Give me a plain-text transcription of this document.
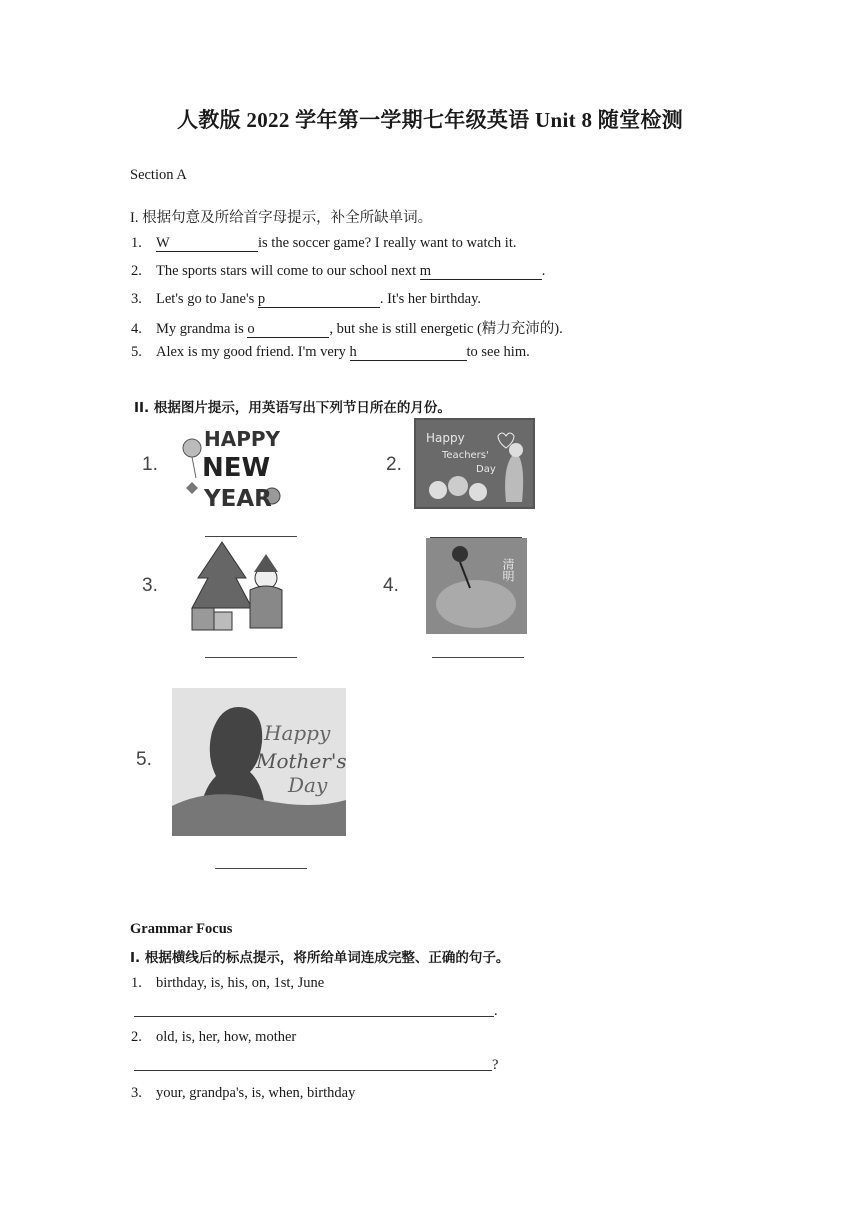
人教版 2022 学年第一学期七年级英语 Unit 8 随堂检测
Section A
I. 根据句意及所给首字母提示，补全所缺单词。
1. W	is the soccer game? I really want to watch it.
2. The sports stars will come to our school next m	.
3. Let's go to Jane's p	. It's her birthday.
4. My grandma is o	, but she is still energetic (精力充沛的).
5. Alex is my good friend. I'm very h	to see him.
II. 根据图片提示，用英语写出下列节日所在的月份。
1.	2.
3.	4.
5.
HAPPY
NEW
YEAR
Happy
Teachers'
Day
清明
Happy
Mother's
Day
Grammar Focus
I. 根据横线后的标点提示，将所给单词连成完整、正确的句子。
1. birthday, is, his, on, 1st, June
.
2. old, is, her, how, mother
?
3. your, grandpa's, is, when, birthday
